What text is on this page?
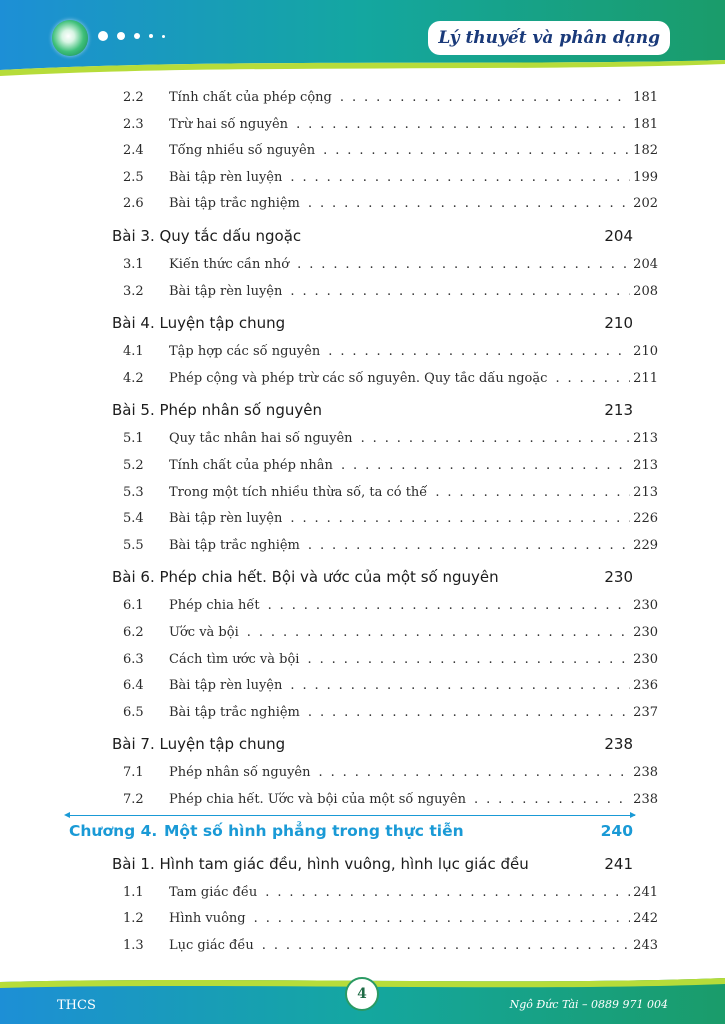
Lý thuyết và phân dạng
2.2	Tính chất của phép cộng . . .	181
2.3	Trừ hai số nguyên . . .	181
2.4	Tổng nhiều số nguyên . . .	182
2.5	Bài tập rèn luyện . . .	199
2.6	Bài tập trắc nghiệm . . .	202
Bài 3. Quy tắc dấu ngoặc	204
3.1	Kiến thức cần nhớ . . .	204
3.2	Bài tập rèn luyện . . .	208
Bài 4. Luyện tập chung	210
4.1	Tập hợp các số nguyên . . .	210
4.2	Phép cộng và phép trừ các số nguyên. Quy tắc dấu ngoặc . . .	211
Bài 5. Phép nhân số nguyên	213
5.1	Quy tắc nhân hai số nguyên . . .	213
5.2	Tính chất của phép nhân . . .	213
5.3	Trong một tích nhiều thừa số, ta có thể . . .	213
5.4	Bài tập rèn luyện . . .	226
5.5	Bài tập trắc nghiệm . . .	229
Bài 6. Phép chia hết. Bội và ước của một số nguyên	230
6.1	Phép chia hết . . .	230
6.2	Ước và bội . . .	230
6.3	Cách tìm ước và bội . . .	230
6.4	Bài tập rèn luyện . . .	236
6.5	Bài tập trắc nghiệm . . .	237
Bài 7. Luyện tập chung	238
7.1	Phép nhân số nguyên . . .	238
7.2	Phép chia hết. Ước và bội của một số nguyên . . .	238
Chương 4. Một số hình phẳng trong thực tiễn	240
Bài 1. Hình tam giác đều, hình vuông, hình lục giác đều	241
1.1	Tam giác đều . . .	241
1.2	Hình vuông . . .	242
1.3	Lục giác đều . . .	243
4
THCS	Ngô Đức Tài – 0889 971 004
